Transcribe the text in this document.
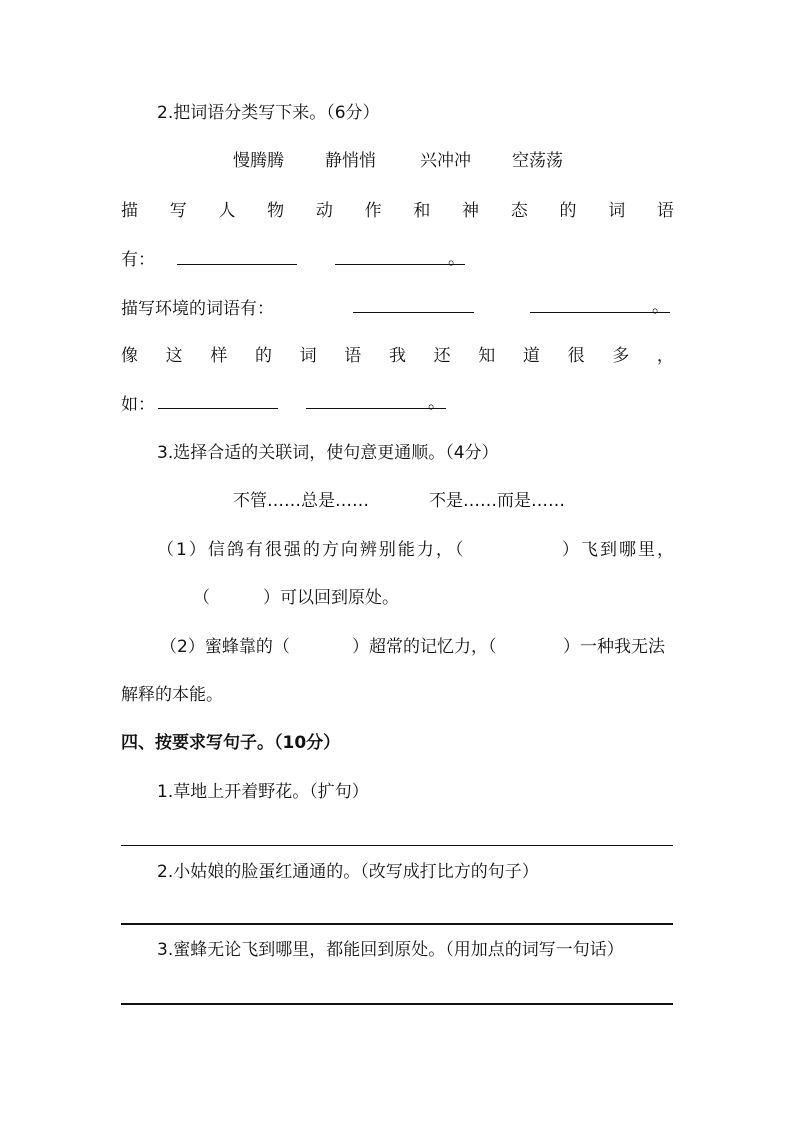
2.把词语分类写下来。（6分）
慢腾腾 静悄悄	兴冲冲 空荡荡
描 写 人 物 动 作 和 神 态 的 词 语
有：	。
描写环境的词语有：	。
像 这 样 的 词 语 我 还 知 道 很 多 ，
如：	。
3.选择合适的关联词，使句意更通顺。（4分）
不管……总是……	不是……而是……
（1）信鸽有很强的方向辨别能力，（	）飞到哪里，
（	）可以回到原处。
（2）蜜蜂靠的（	）超常的记忆力，（	）一种我无法
解释的本能。
四、按要求写句子。（10分）
1.草地上开着野花。（扩句）
2.小姑娘的脸蛋红通通的。（改写成打比方的句子）
3.蜜蜂无论飞到哪里，都能回到原处。（用加点的词写一句话）
